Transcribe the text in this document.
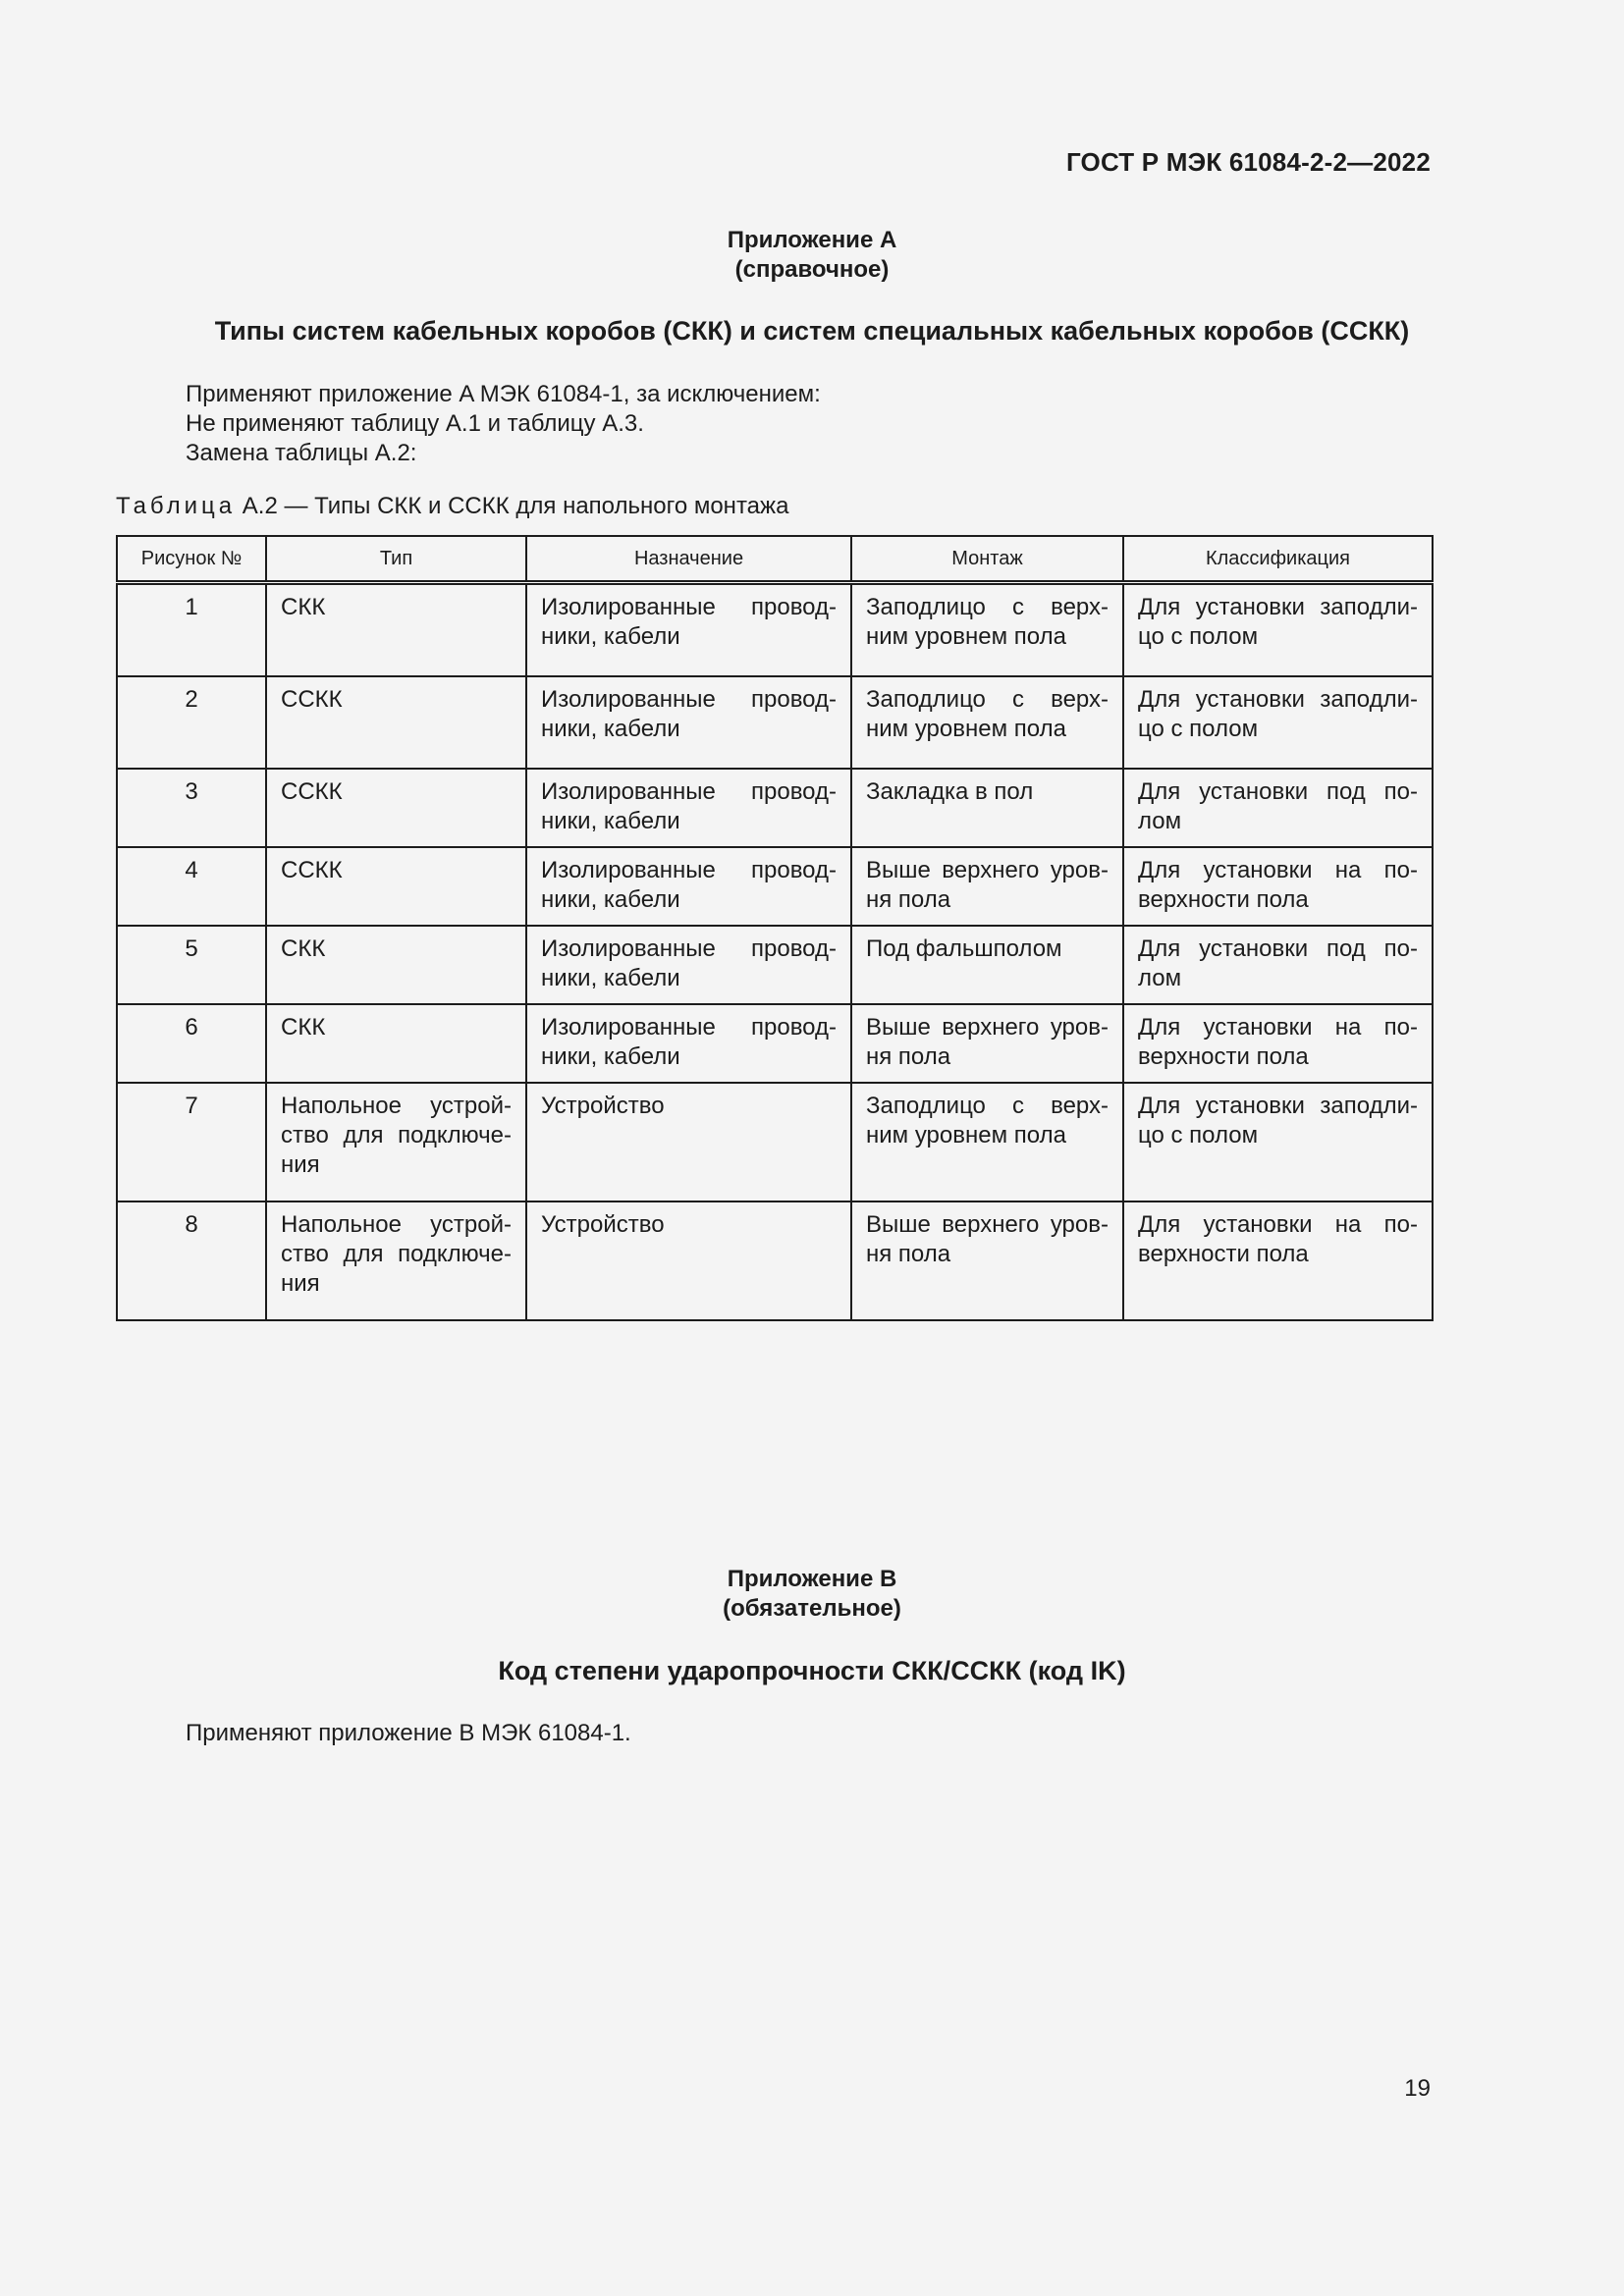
ГОСТ Р МЭК 61084-2-2—2022
Приложение A
(справочное)
Типы систем кабельных коробов (СКК) и систем специальных кабельных коробов (ССКК)
Применяют приложение A МЭК 61084-1, за исключением:
Не применяют таблицу A.1 и таблицу A.3.
Замена таблицы A.2:
Таблица A.2 — Типы СКК и ССКК для напольного монтажа
Рисунок №	Тип	Назначение	Монтаж	Классификация
1	СКК	Изолированные провод-ники, кабели	Заподлицо с верх-ним уровнем пола	Для установки заподли-цо с полом
2	ССКК	Изолированные провод-ники, кабели	Заподлицо с верх-ним уровнем пола	Для установки заподли-цо с полом
3	ССКК	Изолированные провод-ники, кабели	Закладка в пол	Для установки под по-лом
4	ССКК	Изолированные провод-ники, кабели	Выше верхнего уров-ня пола	Для установки на по-верхности пола
5	СКК	Изолированные провод-ники, кабели	Под фальшполом	Для установки под по-лом
6	СКК	Изолированные провод-ники, кабели	Выше верхнего уров-ня пола	Для установки на по-верхности пола
7	Напольное устрой-ство для подключе-ния	Устройство	Заподлицо с верх-ним уровнем пола	Для установки заподли-цо с полом
8	Напольное устрой-ство для подключе-ния	Устройство	Выше верхнего уров-ня пола	Для установки на по-верхности пола
Приложение B
(обязательное)
Код степени ударопрочности СКК/ССКК (код IK)
Применяют приложение B МЭК 61084-1.
19
